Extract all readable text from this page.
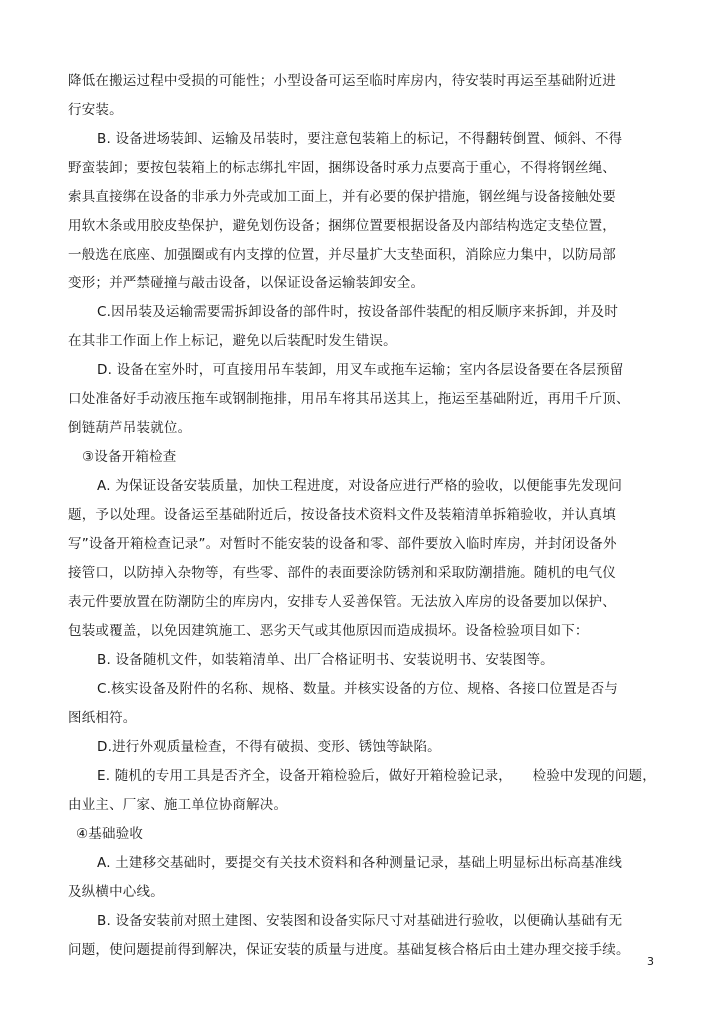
降低在搬运过程中受损的可能性；小型设备可运至临时库房内，待安装时再运至基础附近进
行安装。
B. 设备进场装卸、运输及吊装时，要注意包装箱上的标记，不得翻转倒置、倾斜、不得
野蛮装卸；要按包装箱上的标志绑扎牢固，捆绑设备时承力点要高于重心，不得将钢丝绳、
索具直接绑在设备的非承力外壳或加工面上，并有必要的保护措施，钢丝绳与设备接触处要
用软木条或用胶皮垫保护，避免划伤设备；捆绑位置要根据设备及内部结构选定支垫位置，
一般选在底座、加强圈或有内支撑的位置，并尽量扩大支垫面积，消除应力集中，以防局部
变形；并严禁碰撞与敲击设备，以保证设备运输装卸安全。
C.因吊装及运输需要需拆卸设备的部件时，按设备部件装配的相反顺序来拆卸，并及时
在其非工作面上作上标记，避免以后装配时发生错误。
D. 设备在室外时，可直接用吊车装卸，用叉车或拖车运输；室内各层设备要在各层预留
口处准备好手动液压拖车或钢制拖排，用吊车将其吊送其上，拖运至基础附近，再用千斤顶、
倒链葫芦吊装就位。
③设备开箱检查
A. 为保证设备安装质量，加快工程进度，对设备应进行严格的验收，以便能事先发现问
题，予以处理。设备运至基础附近后，按设备技术资料文件及装箱清单拆箱验收，并认真填
写”设备开箱检查记录”。对暂时不能安装的设备和零、部件要放入临时库房，并封闭设备外
接管口，以防掉入杂物等，有些零、部件的表面要涂防锈剂和采取防潮措施。随机的电气仪
表元件要放置在防潮防尘的库房内，安排专人妥善保管。无法放入库房的设备要加以保护、
包装或覆盖，以免因建筑施工、恶劣天气或其他原因而造成损坏。设备检验项目如下：
B. 设备随机文件，如装箱清单、出厂合格证明书、安装说明书、安装图等。
C.核实设备及附件的名称、规格、数量。并核实设备的方位、规格、各接口位置是否与
图纸相符。
D.进行外观质量检查，不得有破损、变形、锈蚀等缺陷。
E. 随机的专用工具是否齐全，设备开箱检验后，做好开箱检验记录，　　检验中发现的问题，
由业主、厂家、施工单位协商解决。
④基础验收
A. 土建移交基础时，要提交有关技术资料和各种测量记录，基础上明显标出标高基准线
及纵横中心线。
B. 设备安装前对照土建图、安装图和设备实际尺寸对基础进行验收，以便确认基础有无
问题，使问题提前得到解决，保证安装的质量与进度。基础复核合格后由土建办理交接手续。
3
